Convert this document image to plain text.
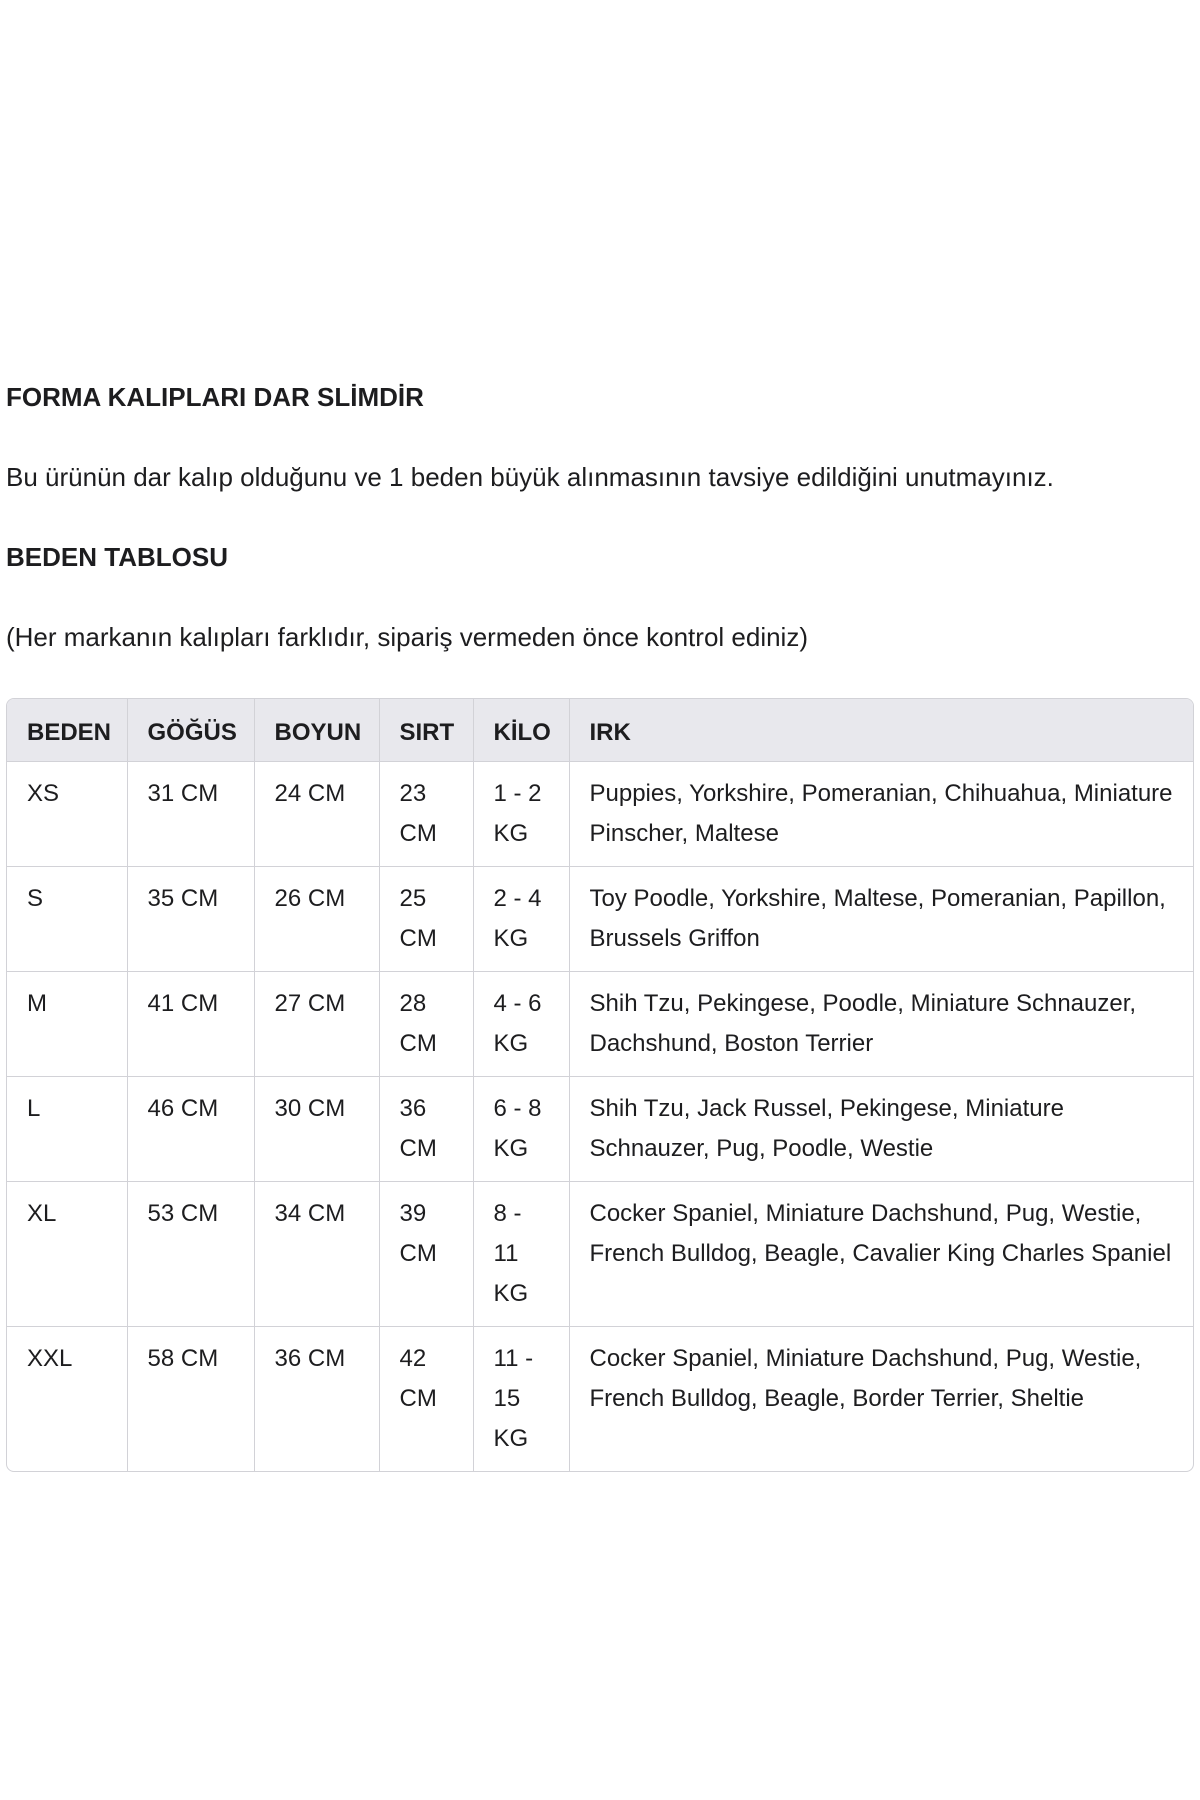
FORMA KALIPLARI DAR SLİMDİR

Bu ürünün dar kalıp olduğunu ve 1 beden büyük alınmasının tavsiye edildiğini unutmayınız.

BEDEN TABLOSU

(Her markanın kalıpları farklıdır, sipariş vermeden önce kontrol ediniz)

BEDEN	GÖĞÜS	BOYUN	SIRT	KİLO	IRK
XS	31 CM	24 CM	23 CM	1 - 2 KG	Puppies, Yorkshire, Pomeranian, Chihuahua, Miniature Pinscher, Maltese
S	35 CM	26 CM	25 CM	2 - 4 KG	Toy Poodle, Yorkshire, Maltese, Pomeranian, Papillon, Brussels Griffon
M	41 CM	27 CM	28 CM	4 - 6 KG	Shih Tzu, Pekingese, Poodle, Miniature Schnauzer, Dachshund, Boston Terrier
L	46 CM	30 CM	36 CM	6 - 8 KG	Shih Tzu, Jack Russel, Pekingese, Miniature Schnauzer, Pug, Poodle, Westie
XL	53 CM	34 CM	39 CM	8 - 11 KG	Cocker Spaniel, Miniature Dachshund, Pug, Westie, French Bulldog, Beagle, Cavalier King Charles Spaniel
XXL	58 CM	36 CM	42 CM	11 - 15 KG	Cocker Spaniel, Miniature Dachshund, Pug, Westie, French Bulldog, Beagle, Border Terrier, Sheltie
